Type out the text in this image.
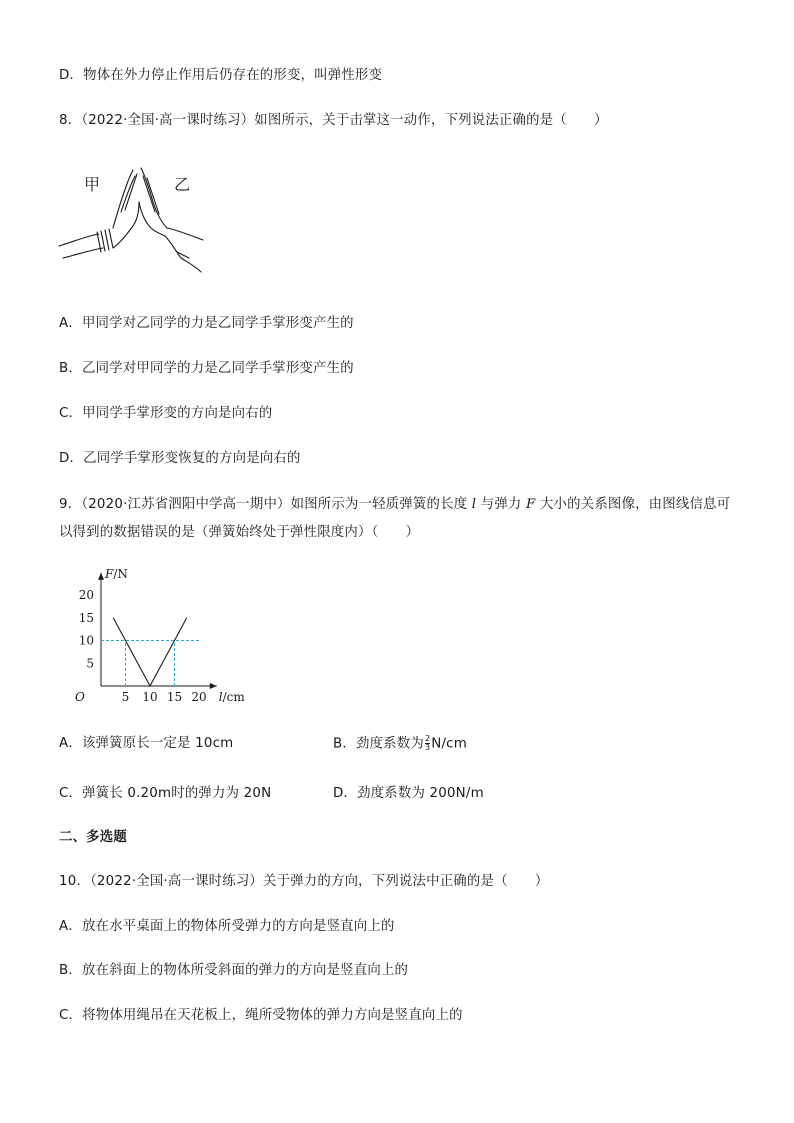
D．物体在外力停止作用后仍存在的形变，叫弹性形变
8．（2022·全国·高一课时练习）如图所示，关于击掌这一动作，下列说法正确的是（　　）
甲	乙
A．甲同学对乙同学的力是乙同学手掌形变产生的
B．乙同学对甲同学的力是乙同学手掌形变产生的
C．甲同学手掌形变的方向是向右的
D．乙同学手掌形变恢复的方向是向右的
9．（2020·江苏省泗阳中学高一期中）如图所示为一轻质弹簧的长度 l 与弹力 F 大小的关系图像，由图线信息可
以得到的数据错误的是（弹簧始终处于弹性限度内）（　　）
5 10 15 20
5
10
15
20
O
F/N
l/cm
A．该弹簧原长一定是 10cm	B．劲度系数为 $\frac{2}{3} N/cm$
C．弹簧长 0.20m时的弹力为 20N	D．劲度系数为 200N/m
二、多选题
10．（2022·全国·高一课时练习）关于弹力的方向，下列说法中正确的是（　　）
A．放在水平桌面上的物体所受弹力的方向是竖直向上的
B．放在斜面上的物体所受斜面的弹力的方向是竖直向上的
C．将物体用绳吊在天花板上，绳所受物体的弹力方向是竖直向上的
